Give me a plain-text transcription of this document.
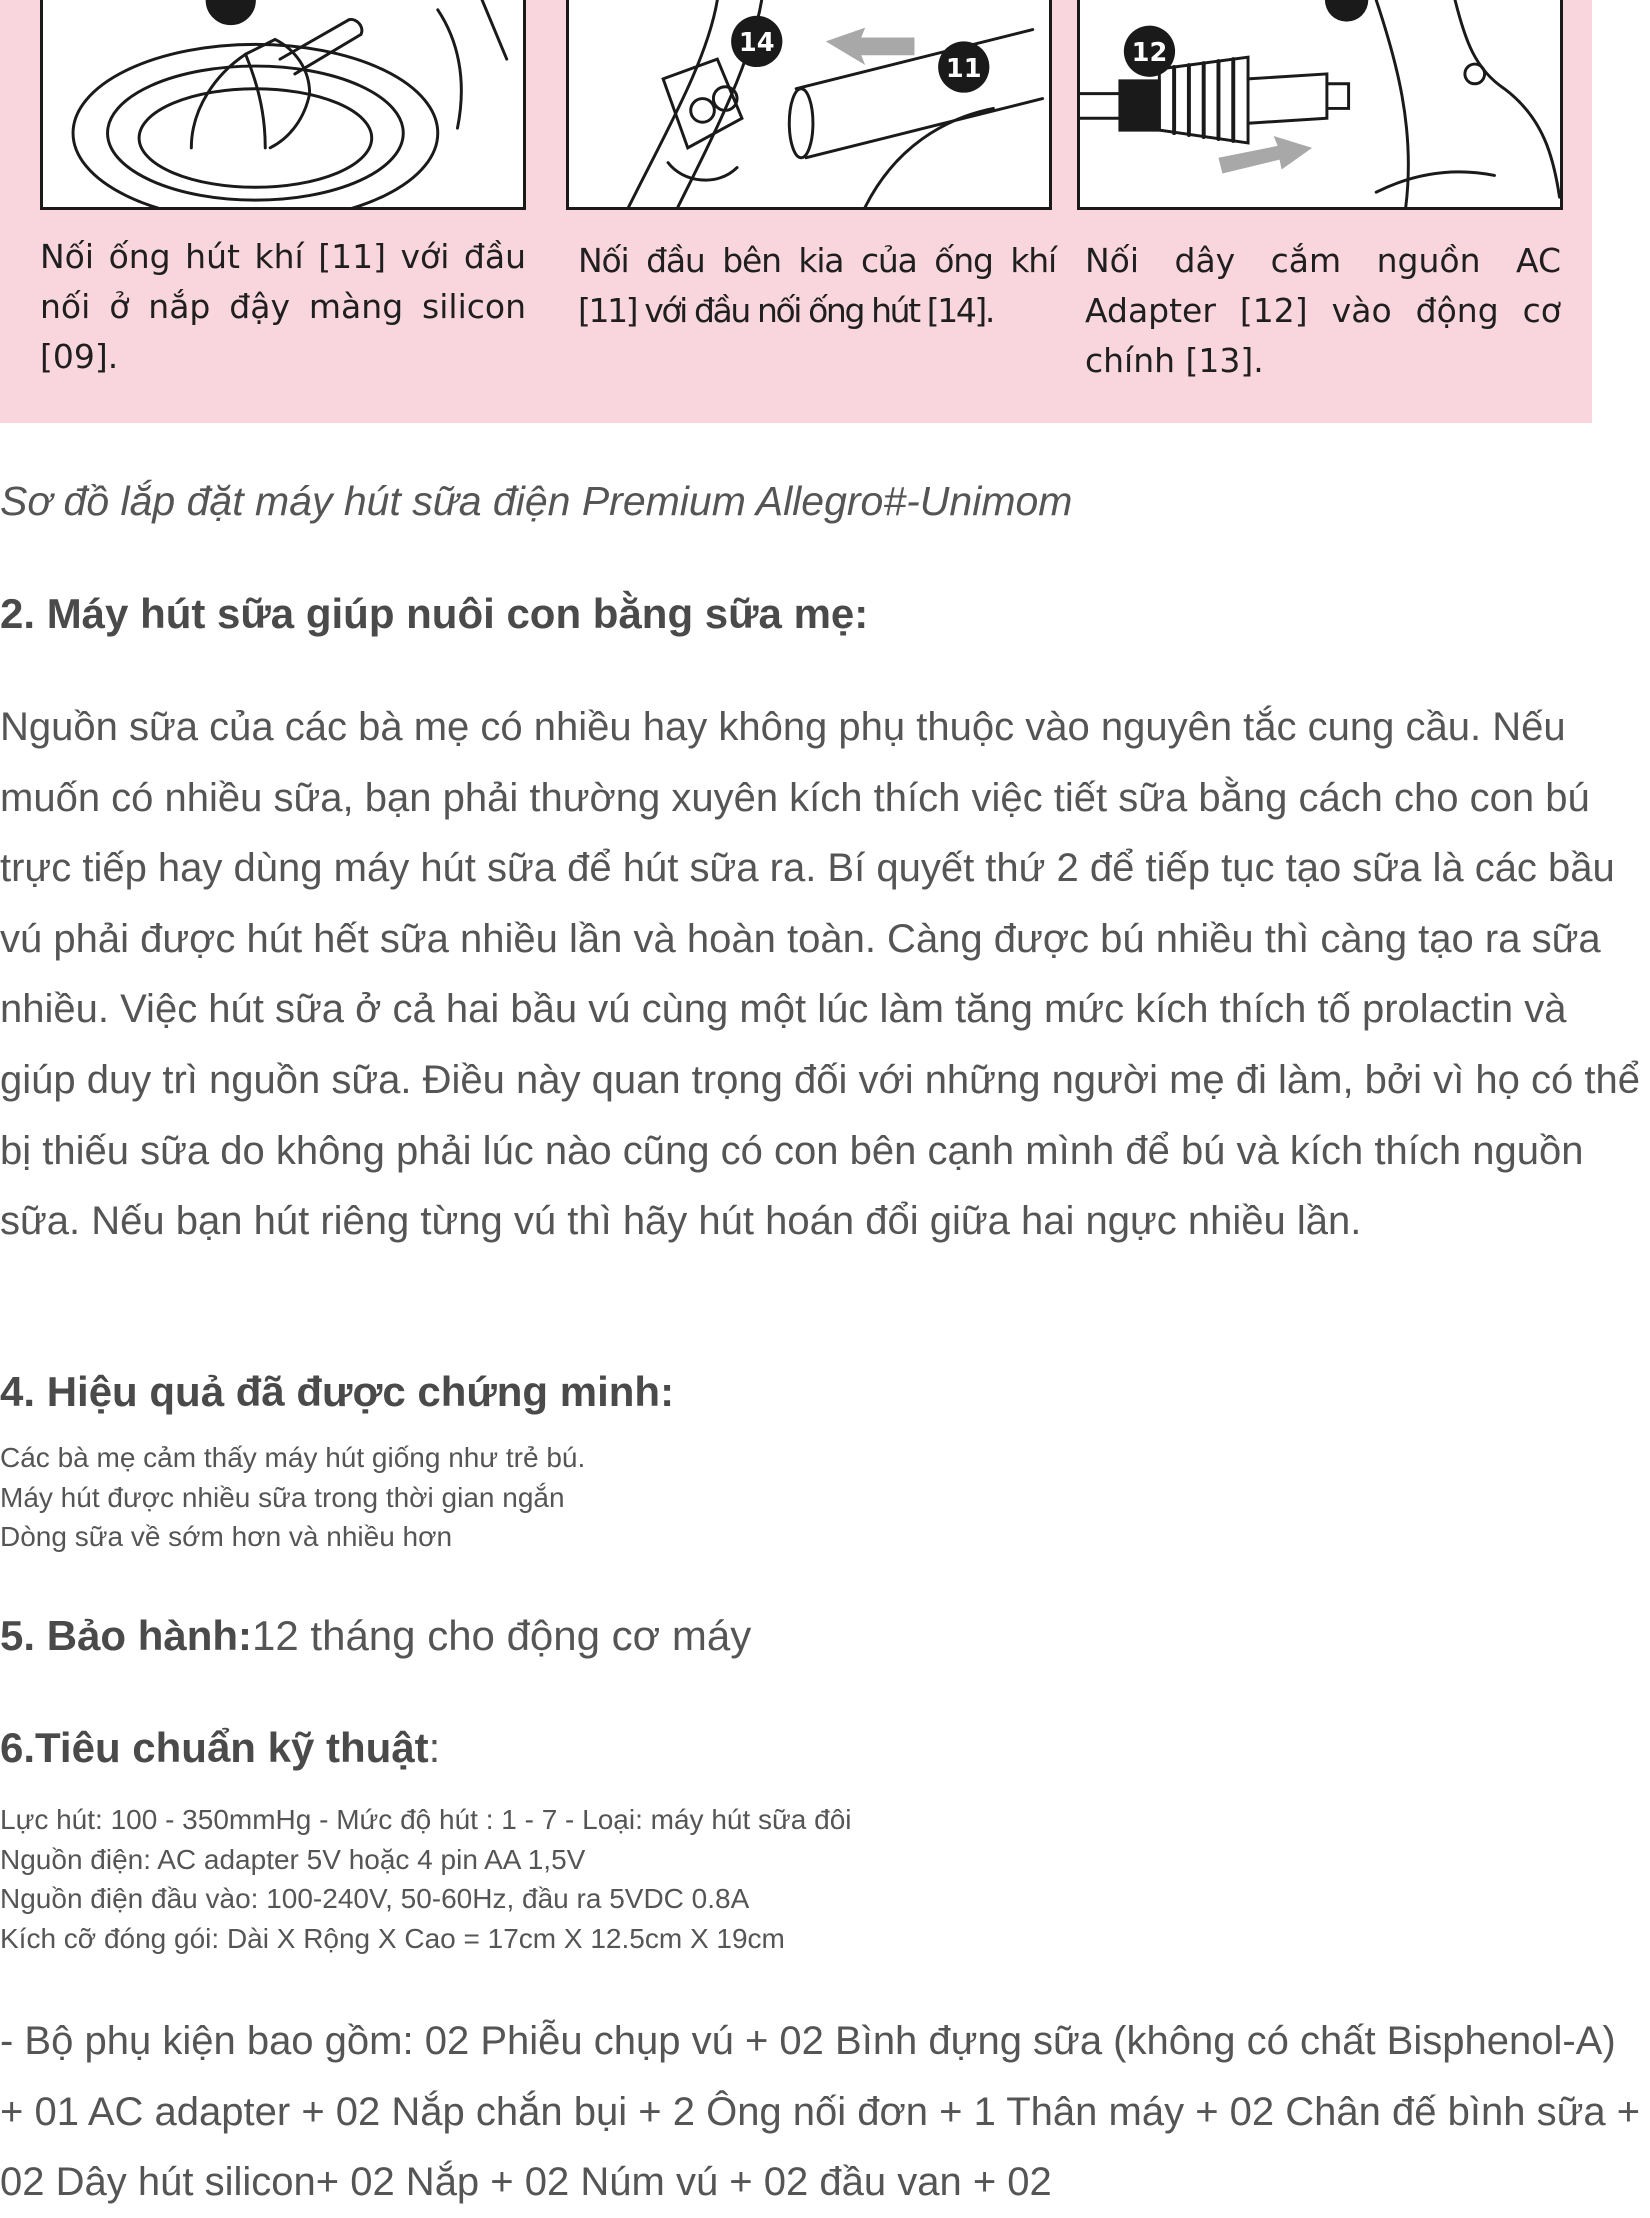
14
11
12
Nối ống hút khí [11] với đầu
nối ở nắp đậy màng silicon
[09].
Nối đầu bên kia của ống khí
[11] với đầu nối ống hút [14].
Nối dây cắm nguồn AC
Adapter [12] vào động cơ
chính [13].

Sơ đồ lắp đặt máy hút sữa điện Premium Allegro#-Unimom

2. Máy hút sữa giúp nuôi con bằng sữa mẹ:

Nguồn sữa của các bà mẹ có nhiều hay không phụ thuộc vào nguyên tắc cung cầu. Nếu muốn có nhiều sữa, bạn phải thường xuyên kích thích việc tiết sữa bằng cách cho con bú trực tiếp hay dùng máy hút sữa để hút sữa ra. Bí quyết thứ 2 để tiếp tục tạo sữa là các bầu vú phải được hút hết sữa nhiều lần và hoàn toàn. Càng được bú nhiều thì càng tạo ra sữa nhiều. Việc hút sữa ở cả hai bầu vú cùng một lúc làm tăng mức kích thích tố prolactin và giúp duy trì nguồn sữa. Điều này quan trọng đối với những người mẹ đi làm, bởi vì họ có thể bị thiếu sữa do không phải lúc nào cũng có con bên cạnh mình để bú và kích thích nguồn sữa. Nếu bạn hút riêng từng vú thì hãy hút hoán đổi giữa hai ngực nhiều lần.

4. Hiệu quả đã được chứng minh:
Các bà mẹ cảm thấy máy hút giống như trẻ bú.
Máy hút được nhiều sữa trong thời gian ngắn
Dòng sữa về sớm hơn và nhiều hơn

5. Bảo hành:12 tháng cho động cơ máy

6.Tiêu chuẩn kỹ thuật:

Lực hút: 100 - 350mmHg - Mức độ hút : 1 - 7 - Loại: máy hút sữa đôi
Nguồn điện: AC adapter 5V hoặc 4 pin AA 1,5V
Nguồn điện đầu vào: 100-240V, 50-60Hz, đầu ra 5VDC 0.8A
Kích cỡ đóng gói: Dài X Rộng X Cao = 17cm X 12.5cm X 19cm

- Bộ phụ kiện bao gồm: 02 Phiễu chụp vú + 02 Bình đựng sữa (không có chất Bisphenol-A) + 01 AC adapter + 02 Nắp chắn bụi + 2 Ông nối đơn + 1 Thân máy + 02 Chân đế bình sữa + 02 Dây hút silicon+ 02 Nắp + 02 Núm vú + 02 đầu van + 02
